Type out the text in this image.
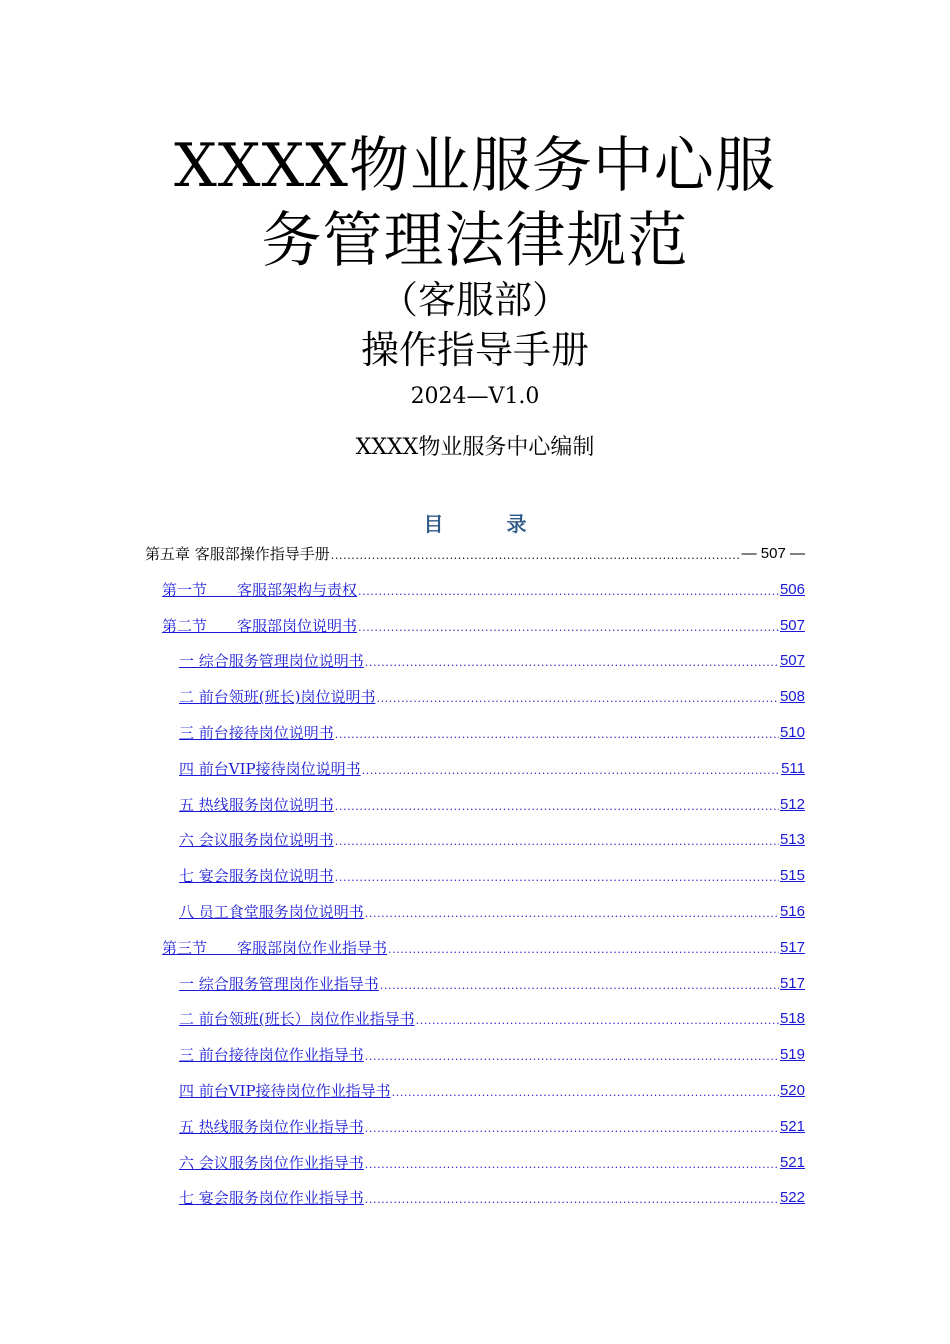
XXXX物业服务中心服
务管理法律规范
（客服部）
操作指导手册
2024—V1.0
XXXX物业服务中心编制
目 录
第五章 客服部操作指导手册 .....	— 507 —
第一节　　客服部架构与责权 .....	506
第二节　　客服部岗位说明书 .....	507
一 综合服务管理岗位说明书 .....	507
二 前台领班(班长)岗位说明书 .....	508
三 前台接待岗位说明书 .....	510
四 前台VIP接待岗位说明书 .....	511
五 热线服务岗位说明书 .....	512
六 会议服务岗位说明书 .....	513
七 宴会服务岗位说明书 .....	515
八 员工食堂服务岗位说明书 .....	516
第三节　　客服部岗位作业指导书 .....	517
一 综合服务管理岗作业指导书 .....	517
二 前台领班(班长）岗位作业指导书 .....	518
三 前台接待岗位作业指导书 .....	519
四 前台VIP接待岗位作业指导书 .....	520
五 热线服务岗位作业指导书 .....	521
六 会议服务岗位作业指导书 .....	521
七 宴会服务岗位作业指导书 .....	522
